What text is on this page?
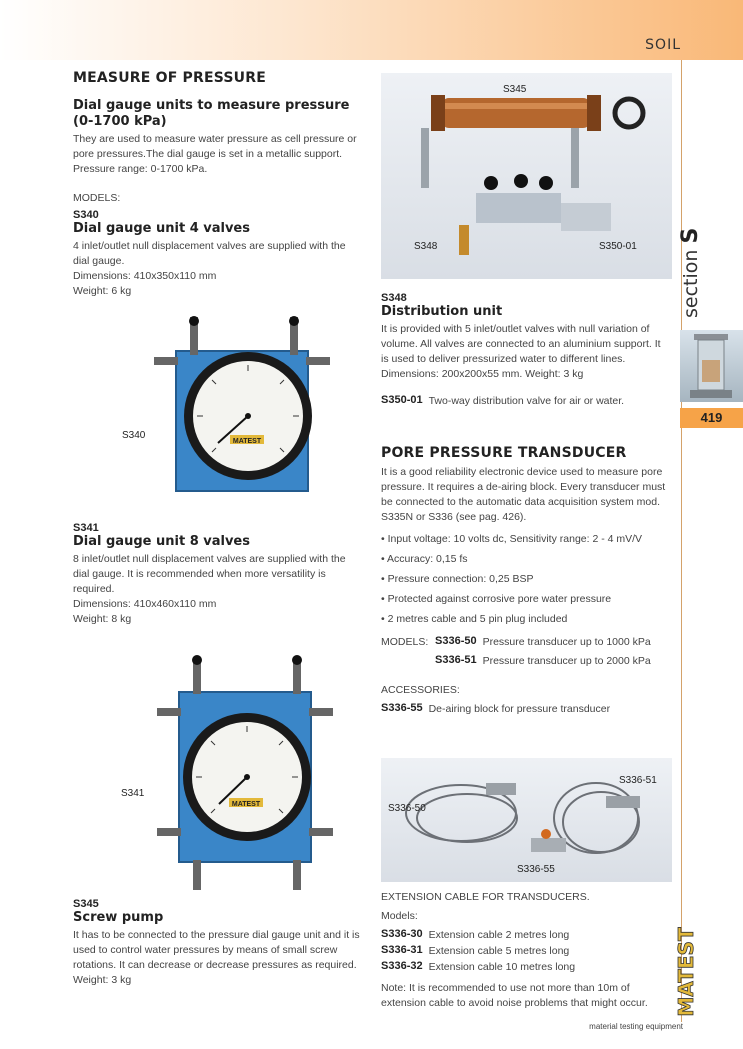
SOIL
MEASURE OF PRESSURE
Dial gauge units to measure pressure (0-1700 kPa)
They are used to measure water pressure as cell pressure or pore pressures.The dial gauge is set in a metallic support.
Pressure range: 0-1700 kPa.
MODELS:
S340
Dial gauge unit 4 valves
4 inlet/outlet null displacement valves are supplied with the dial gauge.
Dimensions: 410x350x110 mm
Weight: 6 kg
MATEST
S340
S341
Dial gauge unit 8 valves
8 inlet/outlet null displacement valves are supplied with the dial gauge. It is recommended when more versatility is required.
Dimensions: 410x460x110 mm
Weight: 8 kg
MATEST
S341
S345
Screw pump
It has to be connected to the pressure dial gauge unit and it is used to control water pressures by means of small screw rotations. It can decrease or decrease pressures as required.
Weight: 3 kg
S345
S348	S350-01
S348
Distribution unit
It is provided with 5 inlet/outlet valves with null variation of volume. All valves are connected to an aluminium support. It is used to deliver pressurized water to different lines.
Dimensions: 200x200x55 mm. Weight: 3 kg
S350-01 Two-way distribution valve for air or water.
PORE PRESSURE TRANSDUCER
It is a good reliability electronic device used to measure pore pressure. It requires a de-airing block. Every transducer must be connected to the automatic data acquisition system mod. S335N or S336 (see pag. 426).
• Input voltage: 10 volts dc, Sensitivity range: 2 - 4 mV/V
• Accuracy: 0,15 fs
• Pressure connection: 0,25 BSP
• Protected against corrosive pore water pressure
• 2 metres cable and 5 pin plug included
MODELS: S336-50 Pressure transducer up to 1000 kPa
S336-51 Pressure transducer up to 2000 kPa
ACCESSORIES:
S336-55 De-airing block for pressure transducer
S336-50
S336-51
S336-55
EXTENSION CABLE FOR TRANSDUCERS.
Models:
S336-30 Extension cable 2 metres long
S336-31 Extension cable 5 metres long
S336-32 Extension cable 10 metres long
Note: It is recommended to use not more than 10m of extension cable to avoid noise problems that might occur.
section S
419
MATEST
material testing equipment
